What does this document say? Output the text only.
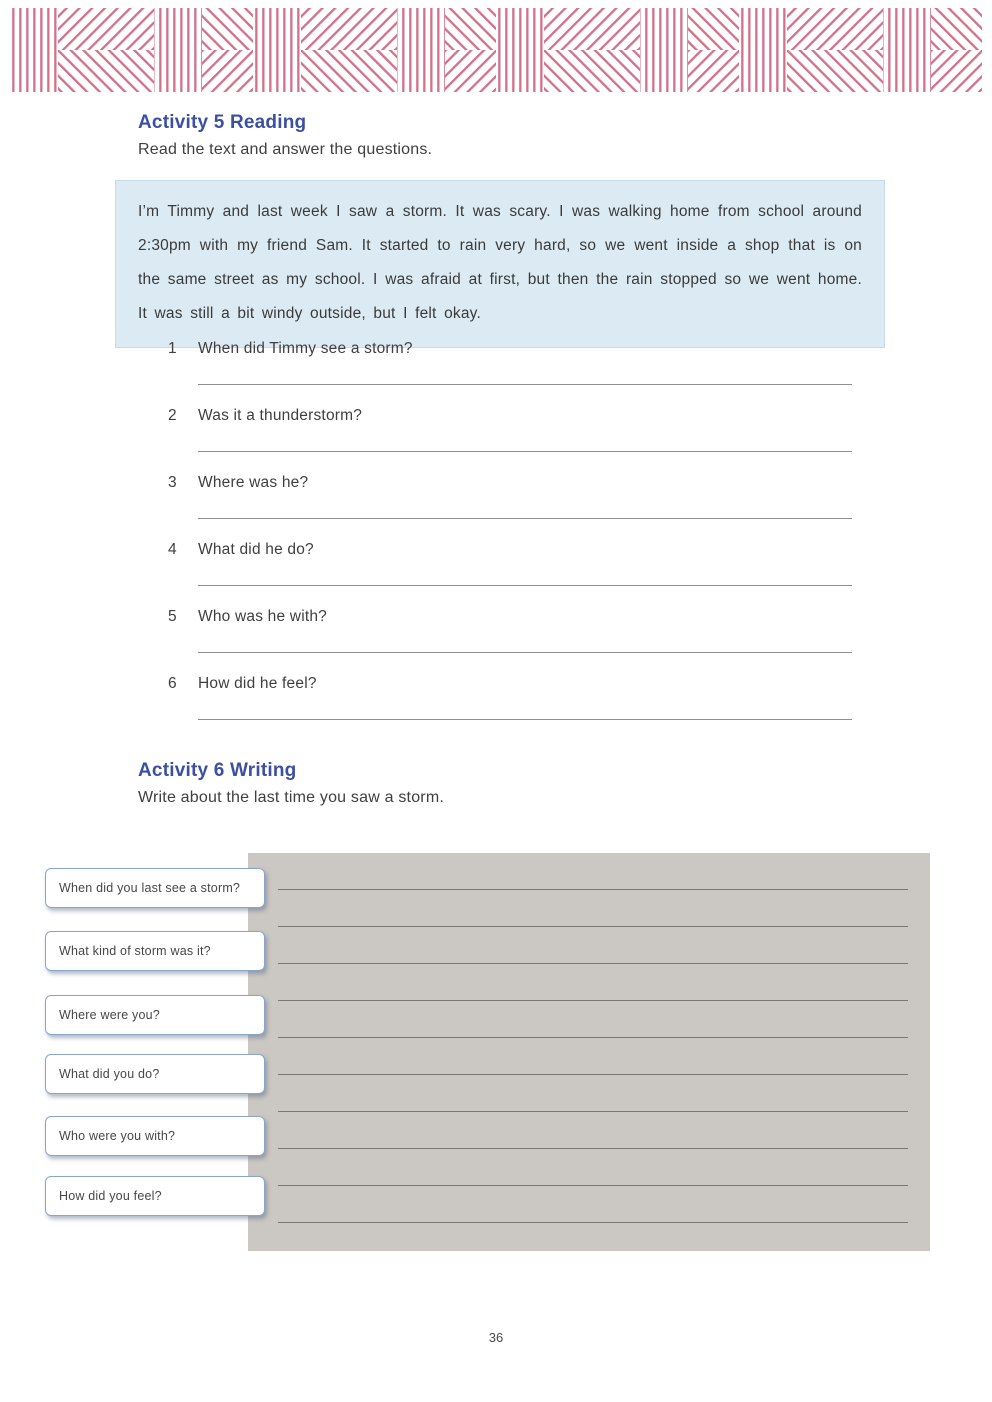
Activity 5 Reading

Read the text and answer the questions.

I’m Timmy and last week I saw a storm. It was scary. I was walking home from school around 2:30pm with my friend Sam. It started to rain very hard, so we went inside a shop that is on the same street as my school. I was afraid at first, but then the rain stopped so we went home. It was still a bit windy outside, but I felt okay.

1 When did Timmy see a storm?
2 Was it a thunderstorm?
3 Where was he?
4 What did he do?
5 Who was he with?
6 How did he feel?
Activity 6 Writing

Write about the last time you saw a storm.

When did you last see a storm?
What kind of storm was it?
Where were you?
What did you do?
Who were you with?
How did you feel?
36
